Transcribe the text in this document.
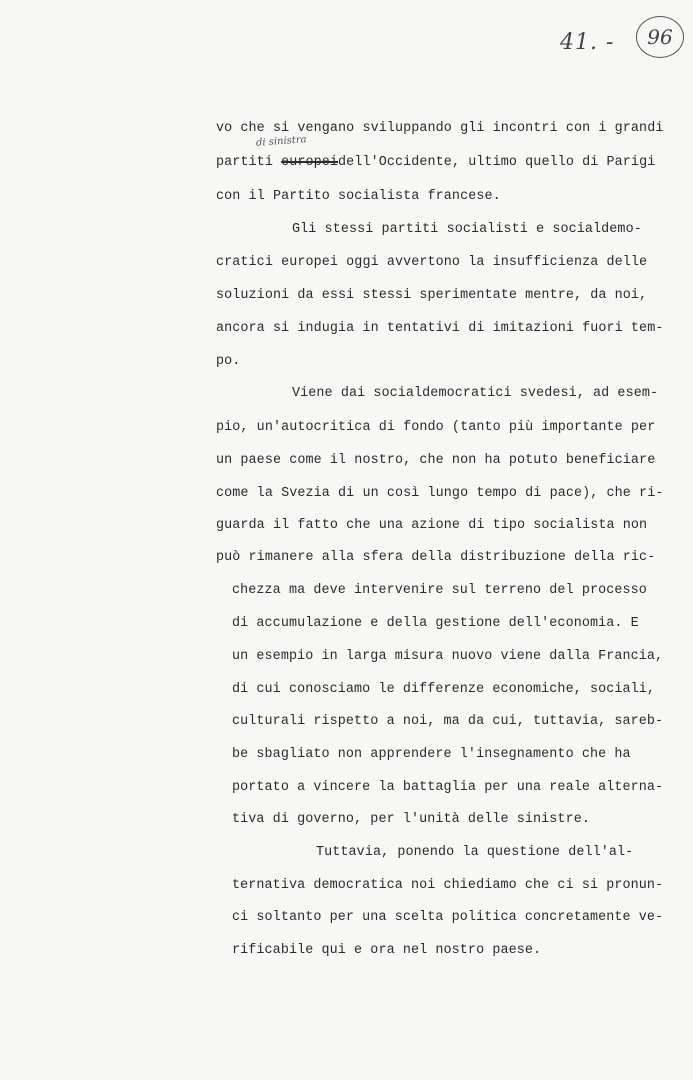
41. - 96
di sinistra
vo che si vengano sviluppando gli incontri con i grandi
partiti europeidell'Occidente, ultimo quello di Parigi
con il Partito socialista francese.
Gli stessi partiti socialisti e socialdemo-
cratici europei oggi avvertono la insufficienza delle
soluzioni da essi stessi sperimentate mentre, da noi,
ancora si indugia in tentativi di imitazioni fuori tem-
po.
Viene dai socialdemocratici svedesi, ad esem-
pio, un'autocritica di fondo (tanto più importante per
un paese come il nostro, che non ha potuto beneficiare
come la Svezia di un così lungo tempo di pace), che ri-
guarda il fatto che una azione di tipo socialista non
può rimanere alla sfera della distribuzione della ric-
chezza ma deve intervenire sul terreno del processo
di accumulazione e della gestione dell'economia. E
un esempio in larga misura nuovo viene dalla Francia,
di cui conosciamo le differenze economiche, sociali,
culturali rispetto a noi, ma da cui, tuttavia, sareb-
be sbagliato non apprendere l'insegnamento che ha
portato a vincere la battaglia per una reale alterna-
tiva di governo, per l'unità delle sinistre.
Tuttavia, ponendo la questione dell'al-
ternativa democratica noi chiediamo che ci si pronun-
ci soltanto per una scelta politica concretamente ve-
rificabile qui e ora nel nostro paese.
